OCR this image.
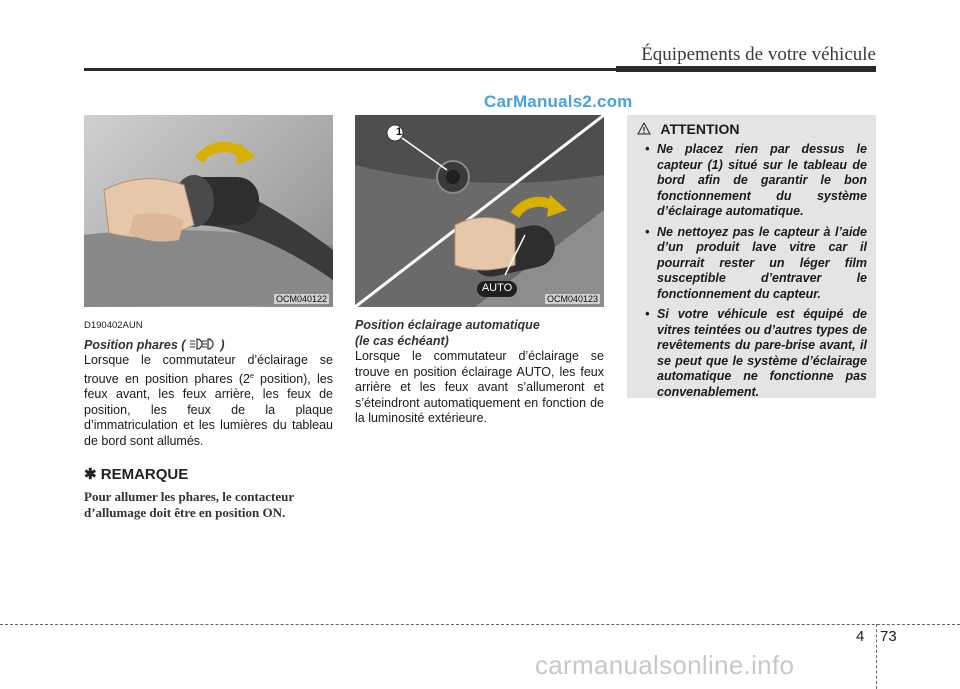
Équipements de votre véhicule
CarManuals2.com
OCM040122
1
AUTO
OCM040123
D190402AUN
Position phares (	)
Lorsque le commutateur d’éclairage se trouve en position phares (2e position), les feux avant, les feux arrière, les feux de position, les feux de la plaque d’immatriculation et les lumières du tableau de bord sont allumés.
✱ REMARQUE
Pour allumer les phares, le contacteur d’allumage doit être en position ON.
Position éclairage automatique
(le cas échéant)
Lorsque le commutateur d’éclairage se trouve en position éclairage AUTO, les feux arrière et les feux avant s’allumeront et s’éteindront automatiquement en fonction de la luminosité extérieure.
ATTENTION
• Ne placez rien par dessus le capteur (1) situé sur le tableau de bord afin de garantir le bon fonctionnement du système d’éclairage automatique.
• Ne nettoyez pas le capteur à l’aide d’un produit lave vitre car il pourrait rester un léger film susceptible d’entraver le fonctionnement du capteur.
• Si votre véhicule est équipé de vitres teintées ou d’autres types de revêtements du pare-brise avant, il se peut que le système d’éclairage automatique ne fonctionne pas convenablement.
4 73
carmanualsonline.info
